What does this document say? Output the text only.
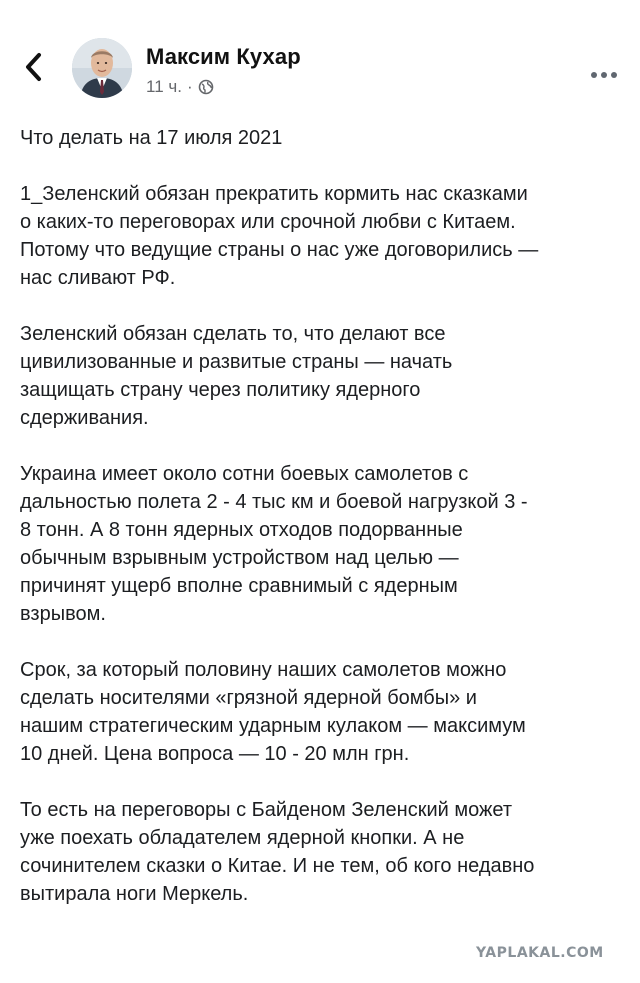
Максим Кухар
11 ч. ·
Что делать на 17 июля 2021
1_Зеленский обязан прекратить кормить нас сказками
о каких-то переговорах или срочной любви с Китаем.
Потому что ведущие страны о нас уже договорились —
нас сливают РФ.
Зеленский обязан сделать то, что делают все
цивилизованные и развитые страны — начать
защищать страну через политику ядерного
сдерживания.
Украина имеет около сотни боевых самолетов с
дальностью полета 2 - 4 тыс км и боевой нагрузкой 3 -
8 тонн. А 8 тонн ядерных отходов подорванные
обычным взрывным устройством над целью —
причинят ущерб вполне сравнимый с ядерным
взрывом.
Срок, за который половину наших самолетов можно
сделать носителями «грязной ядерной бомбы» и
нашим стратегическим ударным кулаком — максимум
10 дней. Цена вопроса — 10 - 20 млн грн.
То есть на переговоры с Байденом Зеленский может
уже поехать обладателем ядерной кнопки. А не
сочинителем сказки о Китае. И не тем, об кого недавно
вытирала ноги Меркель.
YAPLAKAL.COM
